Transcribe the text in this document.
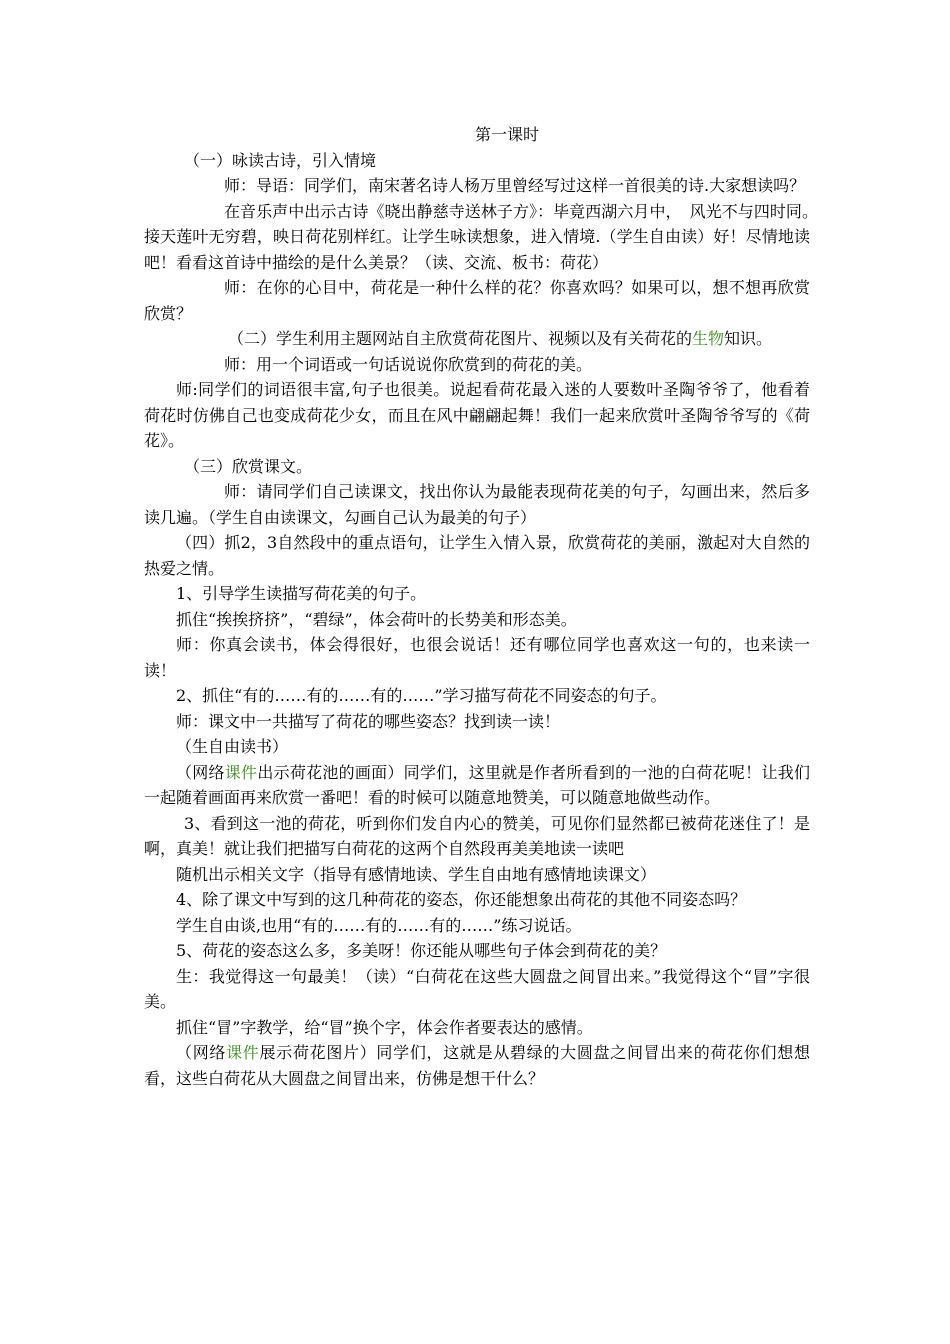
第一课时

（一）咏读古诗，引入情境

师：导语：同学们，南宋著名诗人杨万里曾经写过这样一首很美的诗.大家想读吗？

在音乐声中出示古诗《晓出静慈寺送林子方》：毕竟西湖六月中，　风光不与四时同。　接天莲叶无穷碧，映日荷花别样红。让学生咏读想象，进入情境.（学生自由读）好！尽情地读吧！看看这首诗中描绘的是什么美景？（读、交流、板书：荷花）

师：在你的心目中，荷花是一种什么样的花？你喜欢吗？如果可以，想不想再欣赏欣赏？

（二）学生利用主题网站自主欣赏荷花图片、视频以及有关荷花的生物知识。

师：用一个词语或一句话说说你欣赏到的荷花的美。

师:同学们的词语很丰富,句子也很美。说起看荷花最入迷的人要数叶圣陶爷爷了，他看着荷花时仿佛自己也变成荷花少女，而且在风中翩翩起舞！我们一起来欣赏叶圣陶爷爷写的《荷花》。

（三）欣赏课文。

师：请同学们自己读课文，找出你认为最能表现荷花美的句子，勾画出来，然后多读几遍。（学生自由读课文，勾画自己认为最美的句子）

（四）抓2，3自然段中的重点语句，让学生入情入景，欣赏荷花的美丽，激起对大自然的热爱之情。

1、引导学生读描写荷花美的句子。

抓住“挨挨挤挤”，“碧绿”，体会荷叶的长势美和形态美。

师：你真会读书，体会得很好，也很会说话！还有哪位同学也喜欢这一句的，也来读一读！

2、抓住“有的……有的……有的……”学习描写荷花不同姿态的句子。

师：课文中一共描写了荷花的哪些姿态？找到读一读！

（生自由读书）

（网络课件出示荷花池的画面）同学们，这里就是作者所看到的一池的白荷花呢！让我们一起随着画面再来欣赏一番吧！看的时候可以随意地赞美，可以随意地做些动作。

3、看到这一池的荷花，听到你们发自内心的赞美，可见你们显然都已被荷花迷住了！是啊，真美！就让我们把描写白荷花的这两个自然段再美美地读一读吧

随机出示相关文字（指导有感情地读、学生自由地有感情地读课文）

4、除了课文中写到的这几种荷花的姿态，你还能想象出荷花的其他不同姿态吗？

学生自由谈,也用“有的……有的……有的……”练习说话。

5、荷花的姿态这么多，多美呀！你还能从哪些句子体会到荷花的美？

生：我觉得这一句最美！（读）“白荷花在这些大圆盘之间冒出来。”我觉得这个“冒”字很美。

抓住“冒”字教学，给“冒”换个字，体会作者要表达的感情。

（网络课件展示荷花图片）同学们，这就是从碧绿的大圆盘之间冒出来的荷花你们想想看，这些白荷花从大圆盘之间冒出来，仿佛是想干什么？
